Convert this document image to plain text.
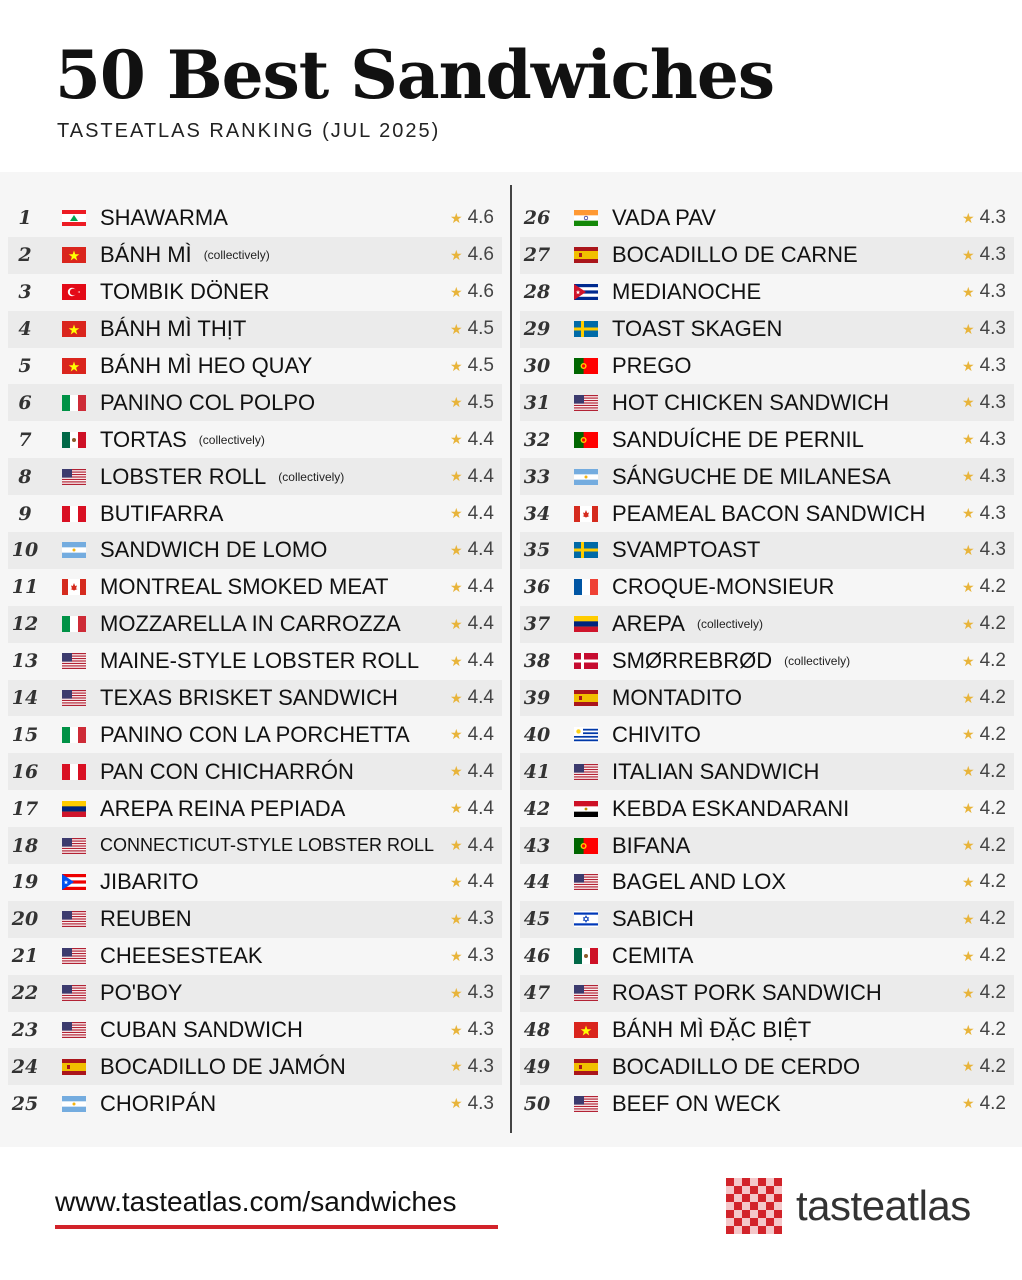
50 Best Sandwiches
TASTEATLAS RANKING (JUL 2025)
1	SHAWARMA	★ 4.6
2	BÁNH MÌ (collectively)	★ 4.6
3	TOMBIK DÖNER	★ 4.6
4	BÁNH MÌ THỊT	★ 4.5
5	BÁNH MÌ HEO QUAY	★ 4.5
6	PANINO COL POLPO	★ 4.5
7	TORTAS (collectively)	★ 4.4
8	LOBSTER ROLL (collectively)	★ 4.4
9	BUTIFARRA	★ 4.4
10	SANDWICH DE LOMO	★ 4.4
11	MONTREAL SMOKED MEAT	★ 4.4
12	MOZZARELLA IN CARROZZA	★ 4.4
13	MAINE-STYLE LOBSTER ROLL ★ 4.4
14	TEXAS BRISKET SANDWICH	★ 4.4
15	PANINO CON LA PORCHETTA	★ 4.4
16	PAN CON CHICHARRÓN	★ 4.4
17	AREPA REINA PEPIADA	★ 4.4
18	CONNECTICUT-STYLE LOBSTER ROLL ★ 4.4
19	JIBARITO	★ 4.4
20	REUBEN	★ 4.3
21	CHEESESTEAK	★ 4.3
22	PO'BOY	★ 4.3
23	CUBAN SANDWICH	★ 4.3
24	BOCADILLO DE JAMÓN	★ 4.3
25	CHORIPÁN	★ 4.3
26	VADA PAV	★ 4.3
27	BOCADILLO DE CARNE	★ 4.3
28	MEDIANOCHE	★ 4.3
29	TOAST SKAGEN	★ 4.3
30	PREGO	★ 4.3
31	HOT CHICKEN SANDWICH	★ 4.3
32	SANDUÍCHE DE PERNIL	★ 4.3
33	SÁNGUCHE DE MILANESA	★ 4.3
34	PEAMEAL BACON SANDWICH	★ 4.3
35	SVAMPTOAST	★ 4.3
36	CROQUE-MONSIEUR	★ 4.2
37	AREPA (collectively)	★ 4.2
38	SMØRREBRØD (collectively)	★ 4.2
39	MONTADITO	★ 4.2
40	CHIVITO	★ 4.2
41	ITALIAN SANDWICH	★ 4.2
42	KEBDA ESKANDARANI	★ 4.2
43	BIFANA	★ 4.2
44	BAGEL AND LOX	★ 4.2
45	SABICH	★ 4.2
46	CEMITA	★ 4.2
47	ROAST PORK SANDWICH	★ 4.2
48	BÁNH MÌ ĐẶC BIỆT	★ 4.2
49	BOCADILLO DE CERDO	★ 4.2
50	BEEF ON WECK	★ 4.2
www.tasteatlas.com/sandwiches	tasteatlas
